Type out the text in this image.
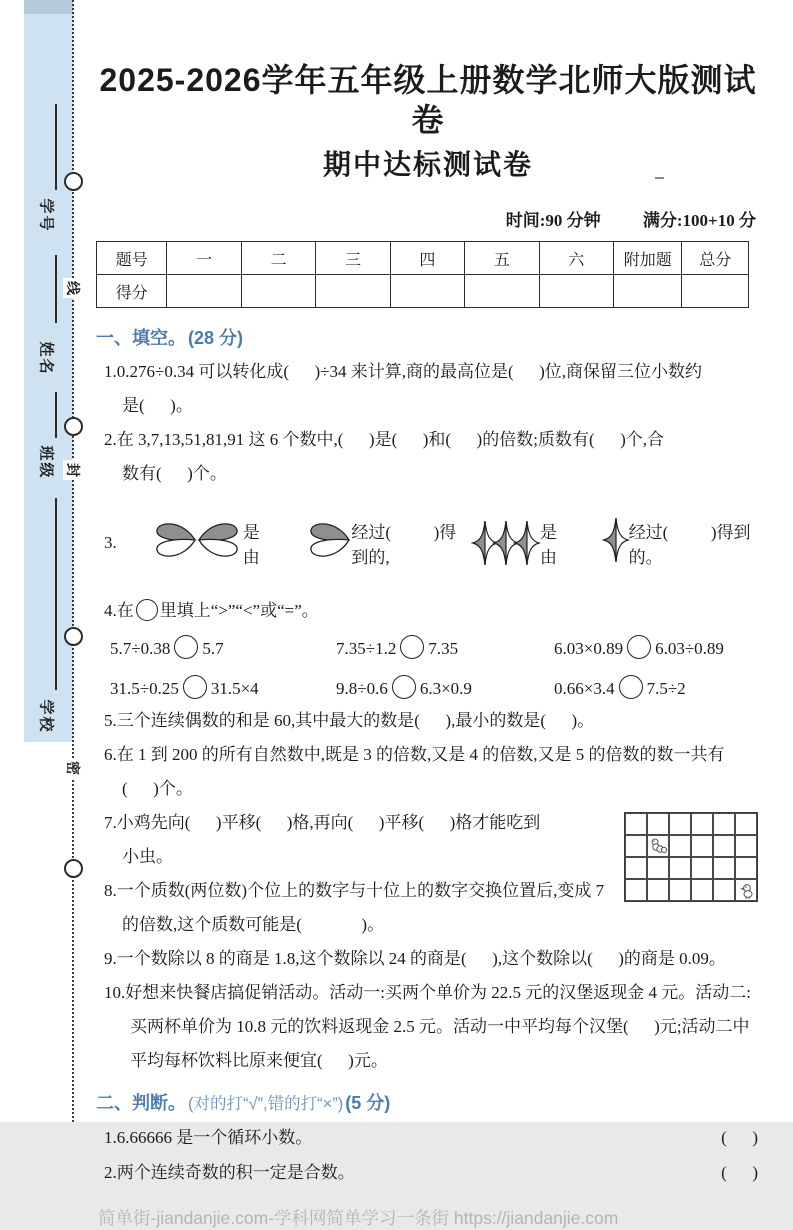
学号
姓名
班级
学校
线
封
密
2025-2026学年五年级上册数学北师大版测试卷
期中达标测试卷
时间:90 分钟 满分:100+10 分
题号	一	二	三	四	五	六	附加题	总分
得分								
一、填空。 (28 分)

1.0.276÷0.34 可以转化成(      )÷34 来计算,商的最高位是(      )位,商保留三位小数约

是(      )。

2.在 3,7,13,51,81,91 这 6 个数中,(      )是(      )和(      )的倍数;质数有(      )个,合

数有(      )个。

3.

是由

经过(          )得到的,
是由

经过(          )得到的。

4.在 里填上“>”“<”或“=”。

5.7÷0.38 5.7	7.35÷1.2 7.35	6.03×0.89 6.03÷0.89
31.5÷0.25 31.5×4	9.8÷0.6 6.3×0.9	0.66×3.4 7.5÷2

5.三个连续偶数的和是 60,其中最大的数是(      ),最小的数是(      )。

6.在 1 到 200 的所有自然数中,既是 3 的倍数,又是 4 的倍数,又是 5 的倍数的数一共有

(      )个。

7.小鸡先向(      )平移(      )格,再向(      )平移(      )格才能吃到

小虫。

8.一个质数(两位数)个位上的数字与十位上的数字交换位置后,变成 7

的倍数,这个质数可能是(              )。

9.一个数除以 8 的商是 1.8,这个数除以 24 的商是(      ),这个数除以(      )的商是 0.09。

10.好想来快餐店搞促销活动。活动一:买两个单价为 22.5 元的汉堡返现金 4 元。活动二:

买两杯单价为 10.8 元的饮料返现金 2.5 元。活动一中平均每个汉堡(      )元;活动二中

平均每杯饮料比原来便宜(      )元。

二、判断。 (对的打“√”,错的打“×”) (5 分)
1.6.66666 是一个循环小数。	(      )
2.两个连续奇数的积一定是合数。	(      )
简单街-jiandanjie.com-学科网简单学习一条街 https://jiandanjie.com
